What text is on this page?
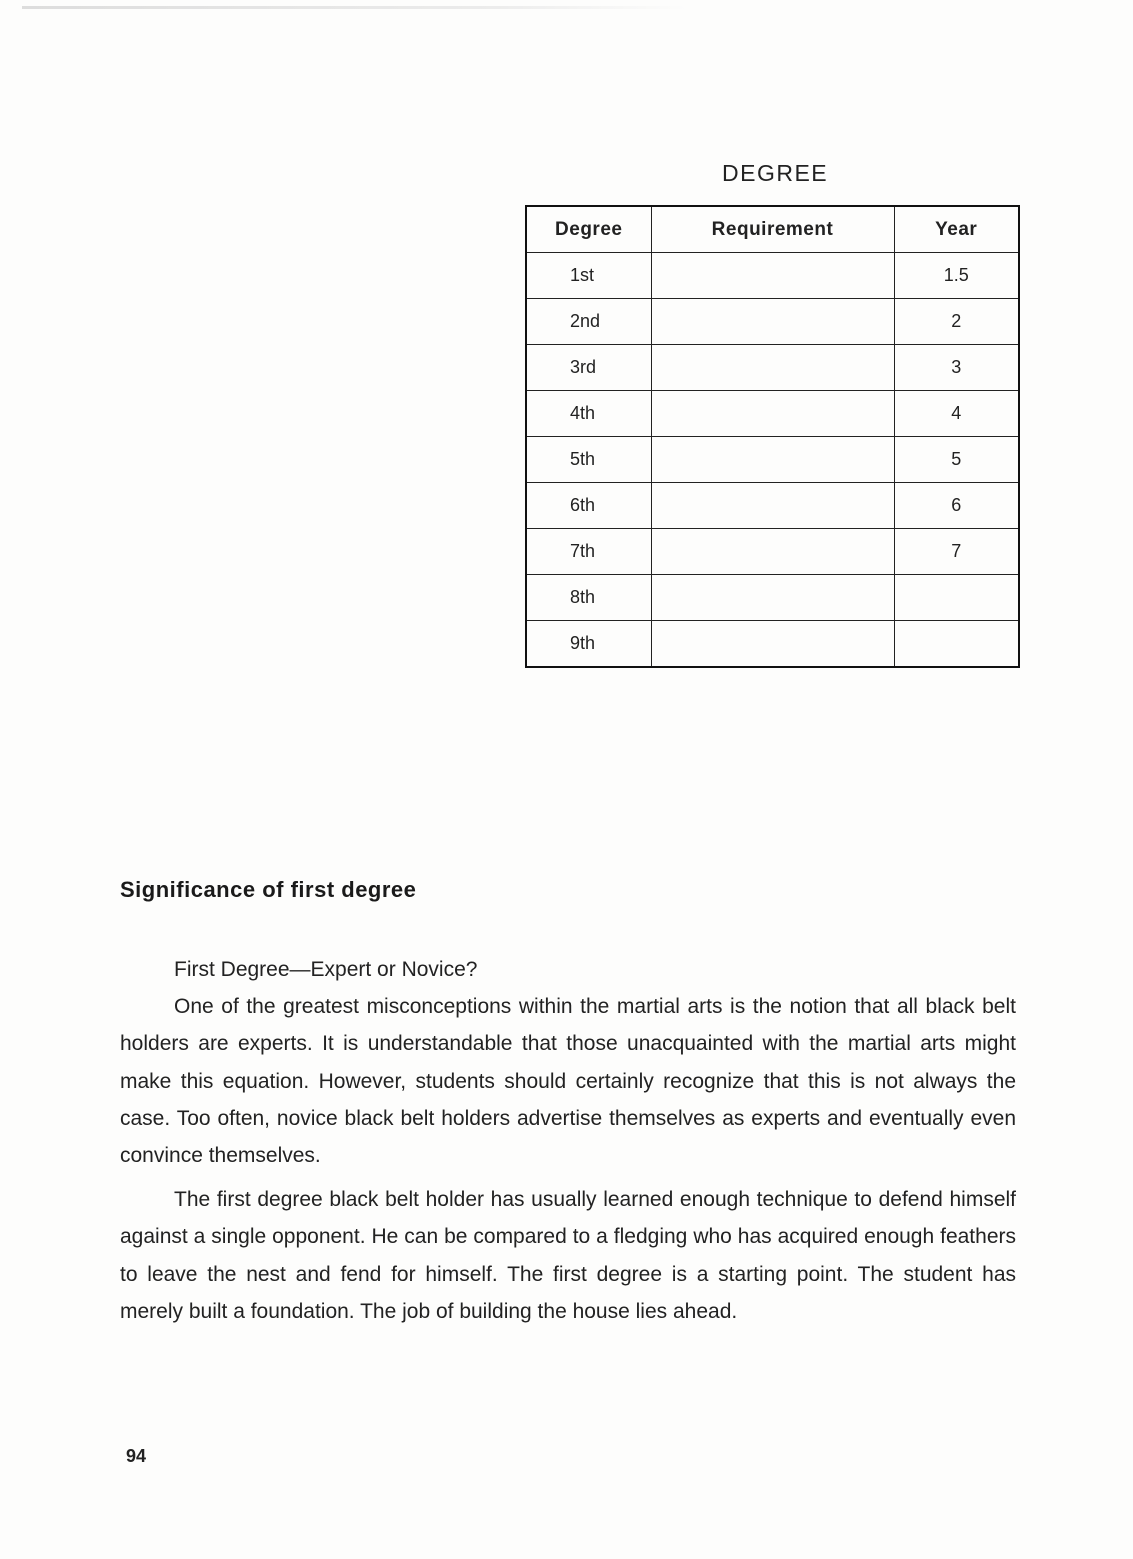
DEGREE
Degree	Requirement	Year
1st		1.5
2nd		2
3rd		3
4th		4
5th		5
6th		6
7th		7
8th		
9th		
Significance of first degree

First Degree—Expert or Novice?

One of the greatest misconceptions within the martial arts is the notion that all black belt holders are experts. It is understandable that those unacquainted with the martial arts might make this equation. However, students should certainly recognize that this is not always the case. Too often, novice black belt holders advertise themselves as experts and eventually even convince themselves.

The first degree black belt holder has usually learned enough technique to defend himself against a single opponent. He can be compared to a fledging who has acquired enough feathers to leave the nest and fend for himself. The first degree is a starting point. The student has merely built a foundation. The job of building the house lies ahead.

94
